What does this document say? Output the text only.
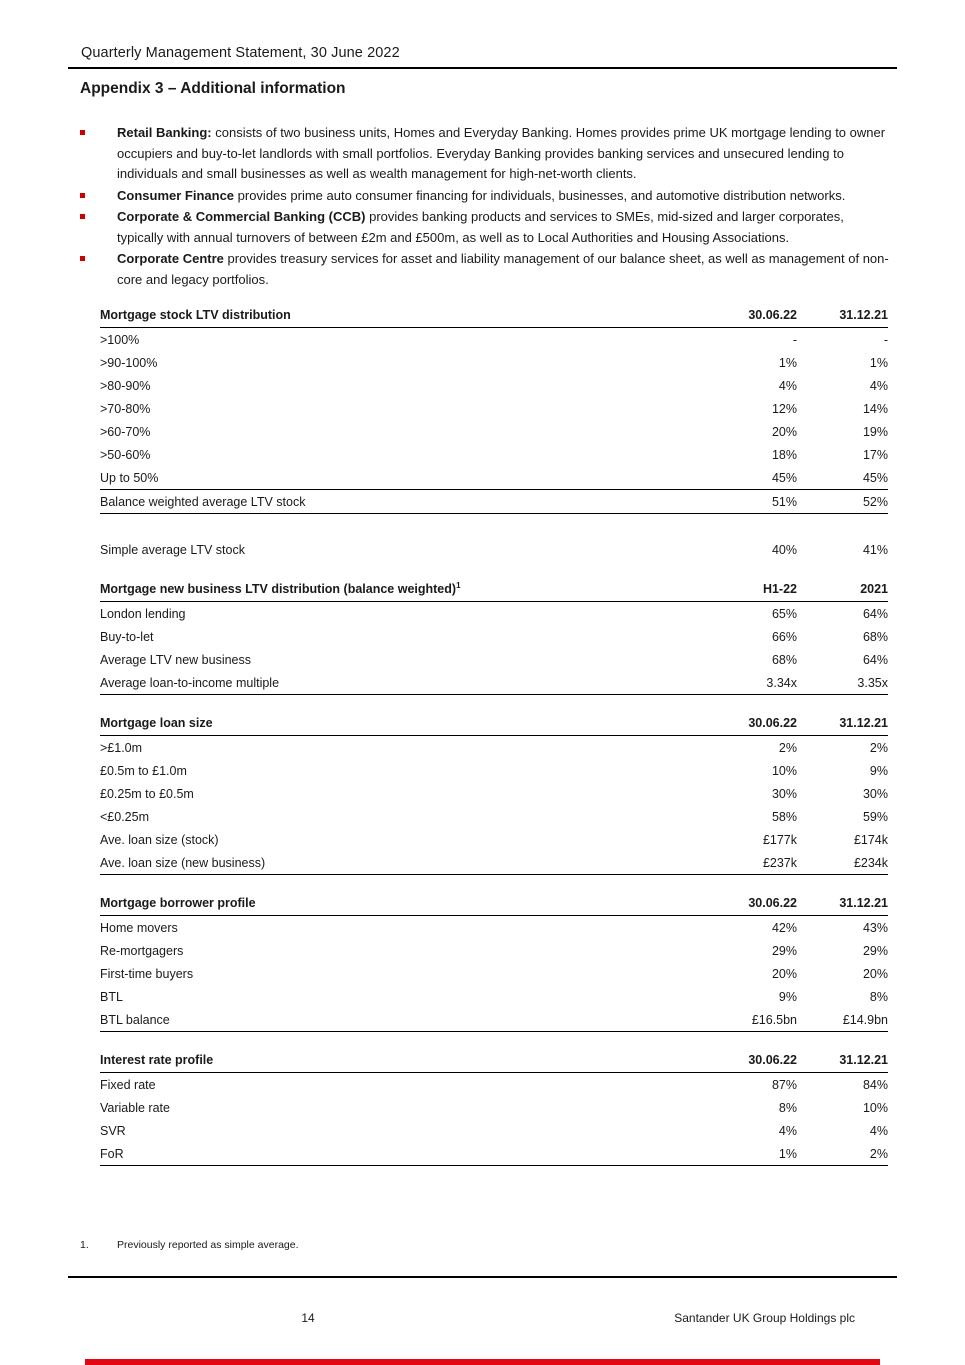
Quarterly Management Statement, 30 June 2022
Appendix 3 – Additional information
Retail Banking: consists of two business units, Homes and Everyday Banking. Homes provides prime UK mortgage lending to owner occupiers and buy-to-let landlords with small portfolios. Everyday Banking provides banking services and unsecured lending to individuals and small businesses as well as wealth management for high-net-worth clients.
Consumer Finance provides prime auto consumer financing for individuals, businesses, and automotive distribution networks.
Corporate & Commercial Banking (CCB) provides banking products and services to SMEs, mid-sized and larger corporates, typically with annual turnovers of between £2m and £500m, as well as to Local Authorities and Housing Associations.
Corporate Centre provides treasury services for asset and liability management of our balance sheet, as well as management of non-core and legacy portfolios.
Mortgage stock LTV distribution	30.06.22	31.12.21
>100%	-	-
>90-100%	1%	1%
>80-90%	4%	4%
>70-80%	12%	14%
>60-70%	20%	19%
>50-60%	18%	17%
Up to 50%	45%	45%
Balance weighted average LTV stock	51%	52%
Simple average LTV stock	40%	41%
Mortgage new business LTV distribution (balance weighted)$^1$	H1-22	2021
London lending	65%	64%
Buy-to-let	66%	68%
Average LTV new business	68%	64%
Average loan-to-income multiple	3.34x	3.35x
Mortgage loan size	30.06.22	31.12.21
>£1.0m	2%	2%
£0.5m to £1.0m	10%	9%
£0.25m to £0.5m	30%	30%
<£0.25m	58%	59%
Ave. loan size (stock)	£177k	£174k
Ave. loan size (new business)	£237k	£234k
Mortgage borrower profile	30.06.22	31.12.21
Home movers	42%	43%
Re-mortgagers	29%	29%
First-time buyers	20%	20%
BTL	9%	8%
BTL balance	£16.5bn	£14.9bn
Interest rate profile	30.06.22	31.12.21
Fixed rate	87%	84%
Variable rate	8%	10%
SVR	4%	4%
FoR	1%	2%
1.	Previously reported as simple average.
14	Santander UK Group Holdings plc
